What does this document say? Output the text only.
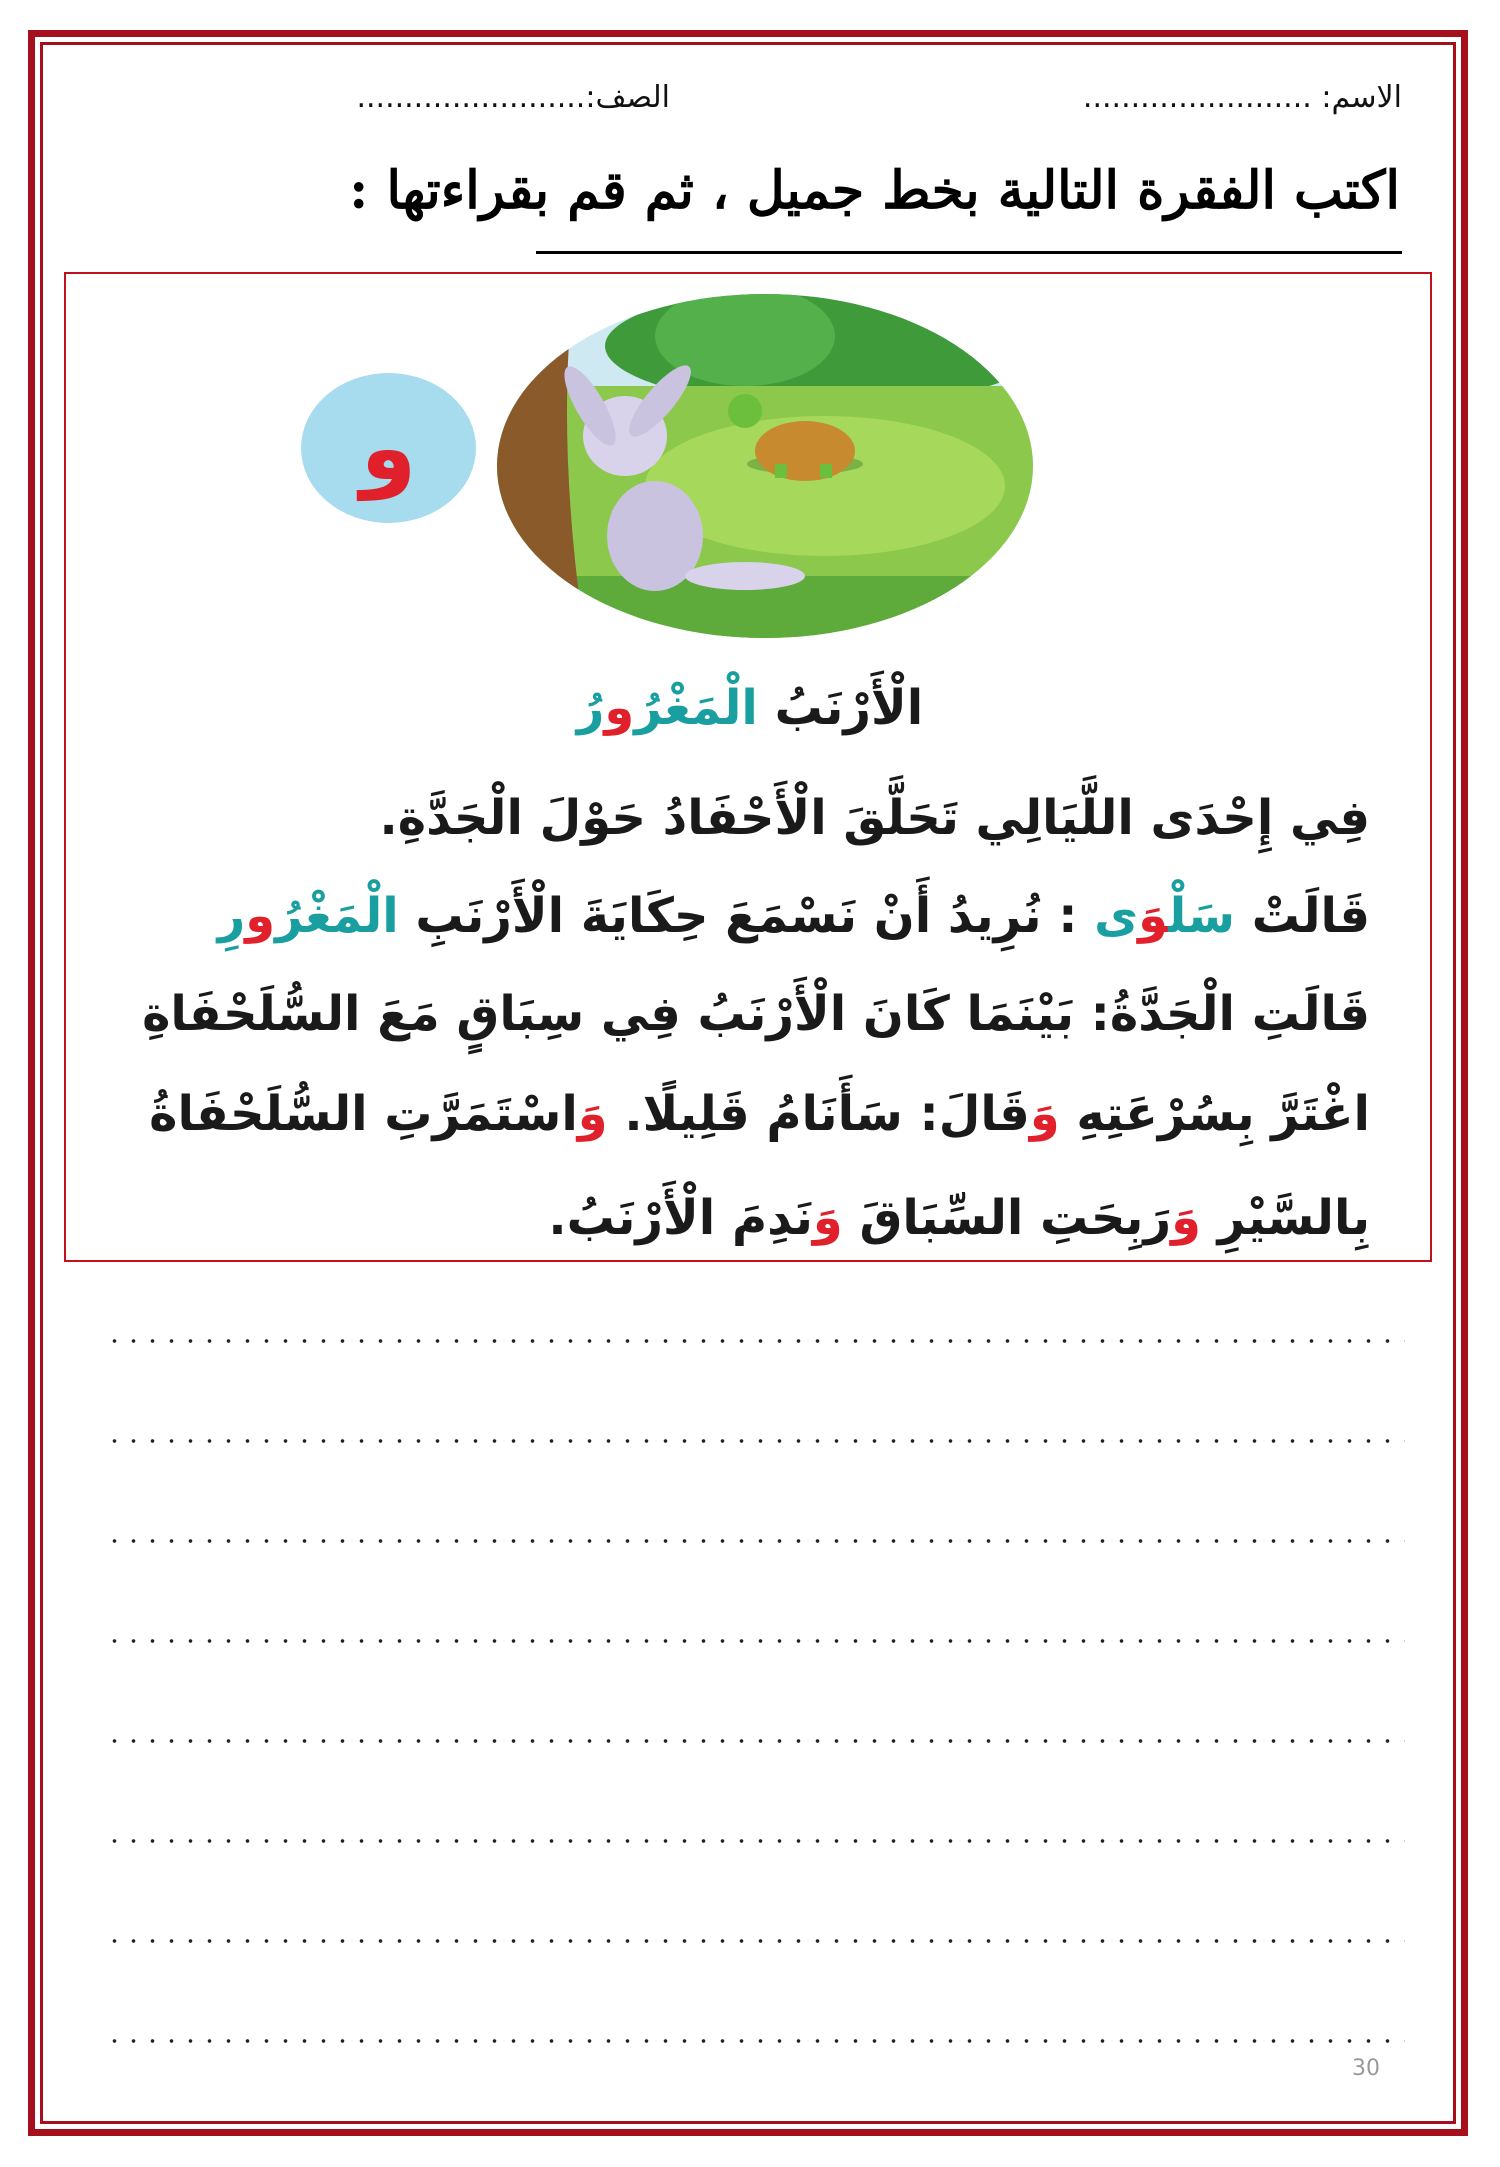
الاسم: ........................
الصف:........................
اكتب الفقرة التالية بخط جميل ، ثم قم بقراءتها :
و
الْأَرْنَبُ الْمَغْرُورُ
فِي إِحْدَى اللَّيَالِي تَحَلَّقَ الْأَحْفَادُ حَوْلَ الْجَدَّةِ.
قَالَتْ سَلْوَى : نُرِيدُ أَنْ نَسْمَعَ حِكَايَةَ الْأَرْنَبِ الْمَغْرُورِ
قَالَتِ الْجَدَّةُ: بَيْنَمَا كَانَ الْأَرْنَبُ فِي سِبَاقٍ مَعَ السُّلَحْفَاةِ
اغْتَرَّ بِسُرْعَتِهِ وَقَالَ: سَأَنَامُ قَلِيلًا. وَاسْتَمَرَّتِ السُّلَحْفَاةُ
بِالسَّيْرِ وَرَبِحَتِ السِّبَاقَ وَنَدِمَ الْأَرْنَبُ.
30
